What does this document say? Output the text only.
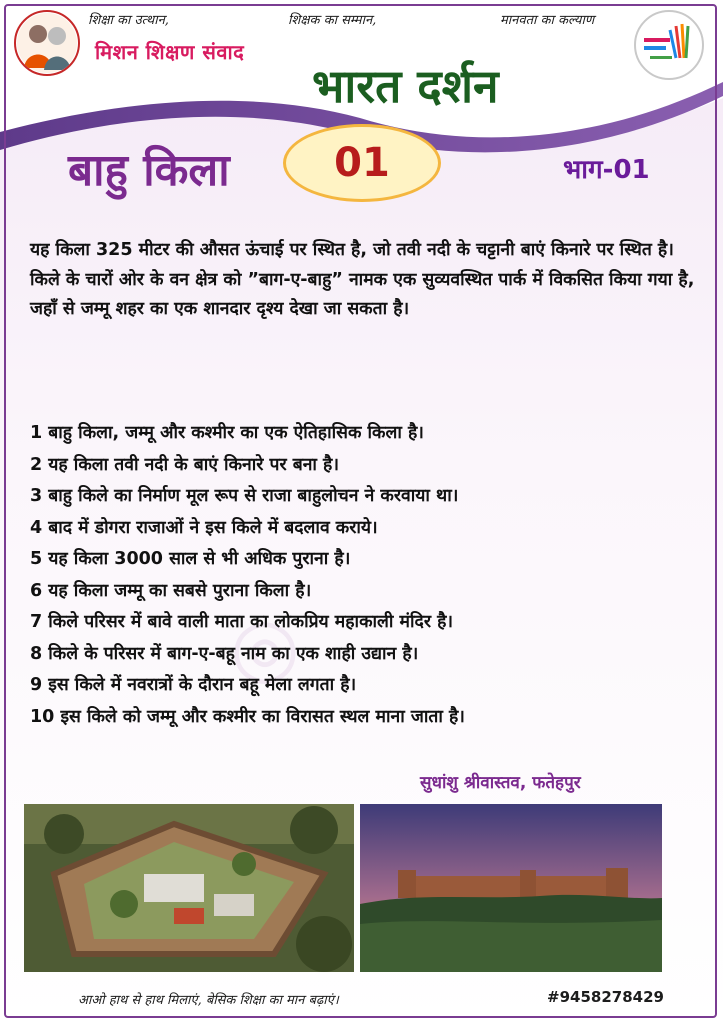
◎
शिक्षा का उत्थान,	शिक्षक का सम्मान,	मानवता का कल्याण
मिशन शिक्षण संवाद
भारत दर्शन
बाहु किला	01	भाग-01
यह किला 325 मीटर की औसत ऊंचाई पर स्थित है, जो तवी नदी के चट्टानी बाएं किनारे पर स्थित है। किले के चारों ओर के वन क्षेत्र को ”बाग-ए-बाहु” नामक एक सुव्यवस्थित पार्क में विकसित किया गया है, जहाँ से जम्मू शहर का एक शानदार दृश्य देखा जा सकता है।
1 बाहु किला, जम्मू और कश्मीर का एक ऐतिहासिक किला है।
2 यह किला तवी नदी के बाएं किनारे पर बना है।
3 बाहु किले का निर्माण मूल रूप से राजा बाहुलोचन ने करवाया था।
4 बाद में डोगरा राजाओं ने इस किले में बदलाव कराये।
5 यह किला 3000 साल से भी अधिक पुराना है।
6 यह किला जम्मू का सबसे पुराना किला है।
7 किले परिसर में बावे वाली माता का लोकप्रिय महाकाली मंदिर है।
8 किले के परिसर में बाग-ए-बहू नाम का एक शाही उद्यान है।
9 इस किले में नवरात्रों के दौरान बहू मेला लगता है।
10 इस किले को जम्मू और कश्मीर का विरासत स्थल माना जाता है।
सुधांशु श्रीवास्तव, फतेहपुर
आओ हाथ से हाथ मिलाएं, बेसिक शिक्षा का मान बढ़ाएं।	#9458278429
